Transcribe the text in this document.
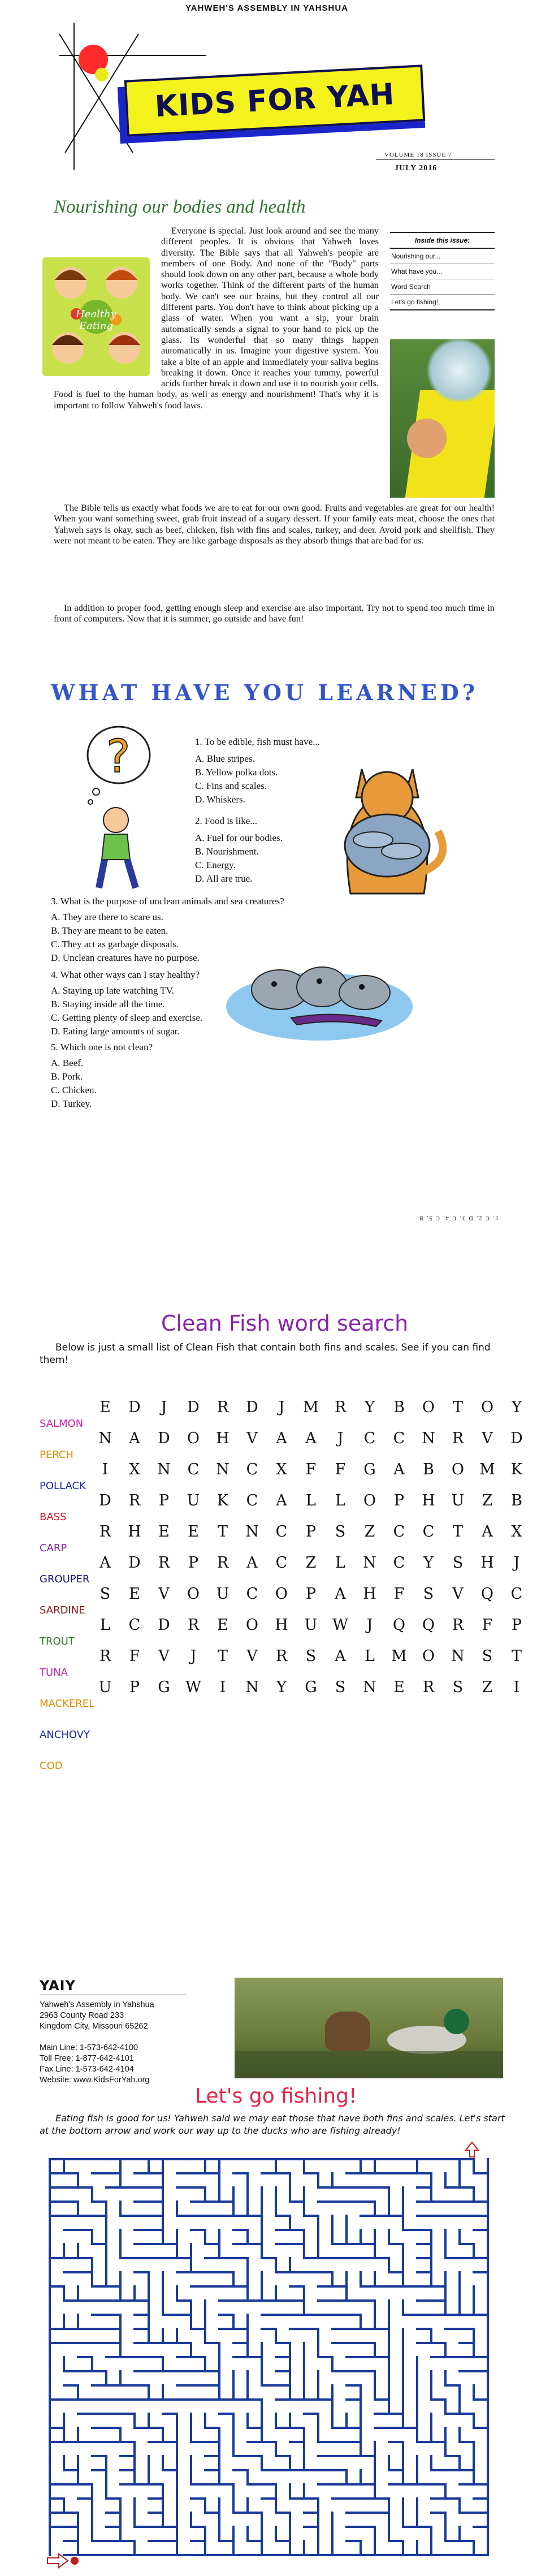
YAHWEH'S ASSEMBLY IN YAHSHUA
KIDS FOR YAH
VOLUME 18 ISSUE 7
JULY 2016
Nourishing our bodies and health
Healthy Eating
Everyone is special. Just look around and see the many different peoples. It is obvious that Yahweh loves diversity. The Bible says that all Yahweh's people are members of one Body. And none of the "Body" parts should look down on any other part, because a whole body works together. Think of the different parts of the human body. We can't see our brains, but they control all our different parts. You don't have to think about picking up a glass of water. When you want a sip, your brain automatically sends a signal to your hand to pick up the glass. Its wonderful that so many things happen automatically in us. Imagine your digestive system. You take a bite of an apple and immediately your saliva begins breaking it down. Once it reaches your tummy, powerful acids further break it down and use it to nourish your cells. Food is fuel to the human body, as well as energy and nourishment! That's why it is important to follow Yahweh's food laws.
The Bible tells us exactly what foods we are to eat for our own good. Fruits and vegetables are great for our health! When you want something sweet, grab fruit instead of a sugary dessert. If your family eats meat, choose the ones that Yahweh says is okay, such as beef, chicken, fish with fins and scales, turkey, and deer. Avoid pork and shellfish. They were not meant to be eaten. They are like garbage disposals as they absorb things that are bad for us.
In addition to proper food, getting enough sleep and exercise are also important. Try not to spend too much time in front of computers. Now that it is summer, go outside and have fun!
Inside this issue:
Nourishing our...
What have you...
Word Search
Let's go fishing!
WHAT HAVE YOU LEARNED?
?	1. To be edible, fish must have...

A. Blue stripes.

B. Yellow polka dots.

C. Fins and scales.

D. Whiskers.

2. Food is like...

A. Fuel for our bodies.

B. Nourishment.

C. Energy.

D. All are true.

3. What is the purpose of unclean animals and sea creatures?

A. They are there to scare us.

B. They are meant to be eaten.

C. They act as garbage disposals.

D. Unclean creatures have no purpose.

4. What other ways can I stay healthy?

A. Staying up late watching TV.

B. Staying inside all the time.

C. Getting plenty of sleep and exercise.

D. Eating large amounts of sugar.

5. Which one is not clean?

A. Beef.

B. Pork.

C. Chicken.

D. Turkey.

1. C 2. D 3. C 4. C 5. B
Clean Fish word search
Below is just a small list of Clean Fish that contain both fins and scales. See if you can find them!
SALMON
PERCH
POLLACK
BASS
CARP
GROUPER
SARDINE
TROUT
TUNA
MACKEREL
ANCHOVY
COD
E	D	J	D	R	D	J	M	R	Y	B	O	T	O	Y
N	A	D	O	H	V	A	A	J	C	C	N	R	V	D
I	X	N	C	N	C	X	F	F	G	A	B	O	M	K
D	R	P	U	K	C	A	L	L	O	P	H	U	Z	B
R	H	E	E	T	N	C	P	S	Z	C	C	T	A	X
A	D	R	P	R	A	C	Z	L	N	C	Y	S	H	J
S	E	V	O	U	C	O	P	A	H	F	S	V	Q	C
L	C	D	R	E	O	H	U W	J	Q	Q	R	F	P
R	F	V	J	T	V	R	S	A	L	M	O	N	S	T
U	P	G	W	I	N	Y	G	S	N	E	R	S	Z	I
YAIY
Yahweh's Assembly in Yahshua
2963 County Road 233
Kingdom City, Missouri 65262
Main Line: 1-573-642-4100
Toll Free: 1-877-642-4101
Fax Line: 1-573-642-4104
Website: www.KidsForYah.org
Let's go fishing!
Eating fish is good for us! Yahweh said we may eat those that have both fins and scales. Let's start at the bottom arrow and work our way up to the ducks who are fishing already!
